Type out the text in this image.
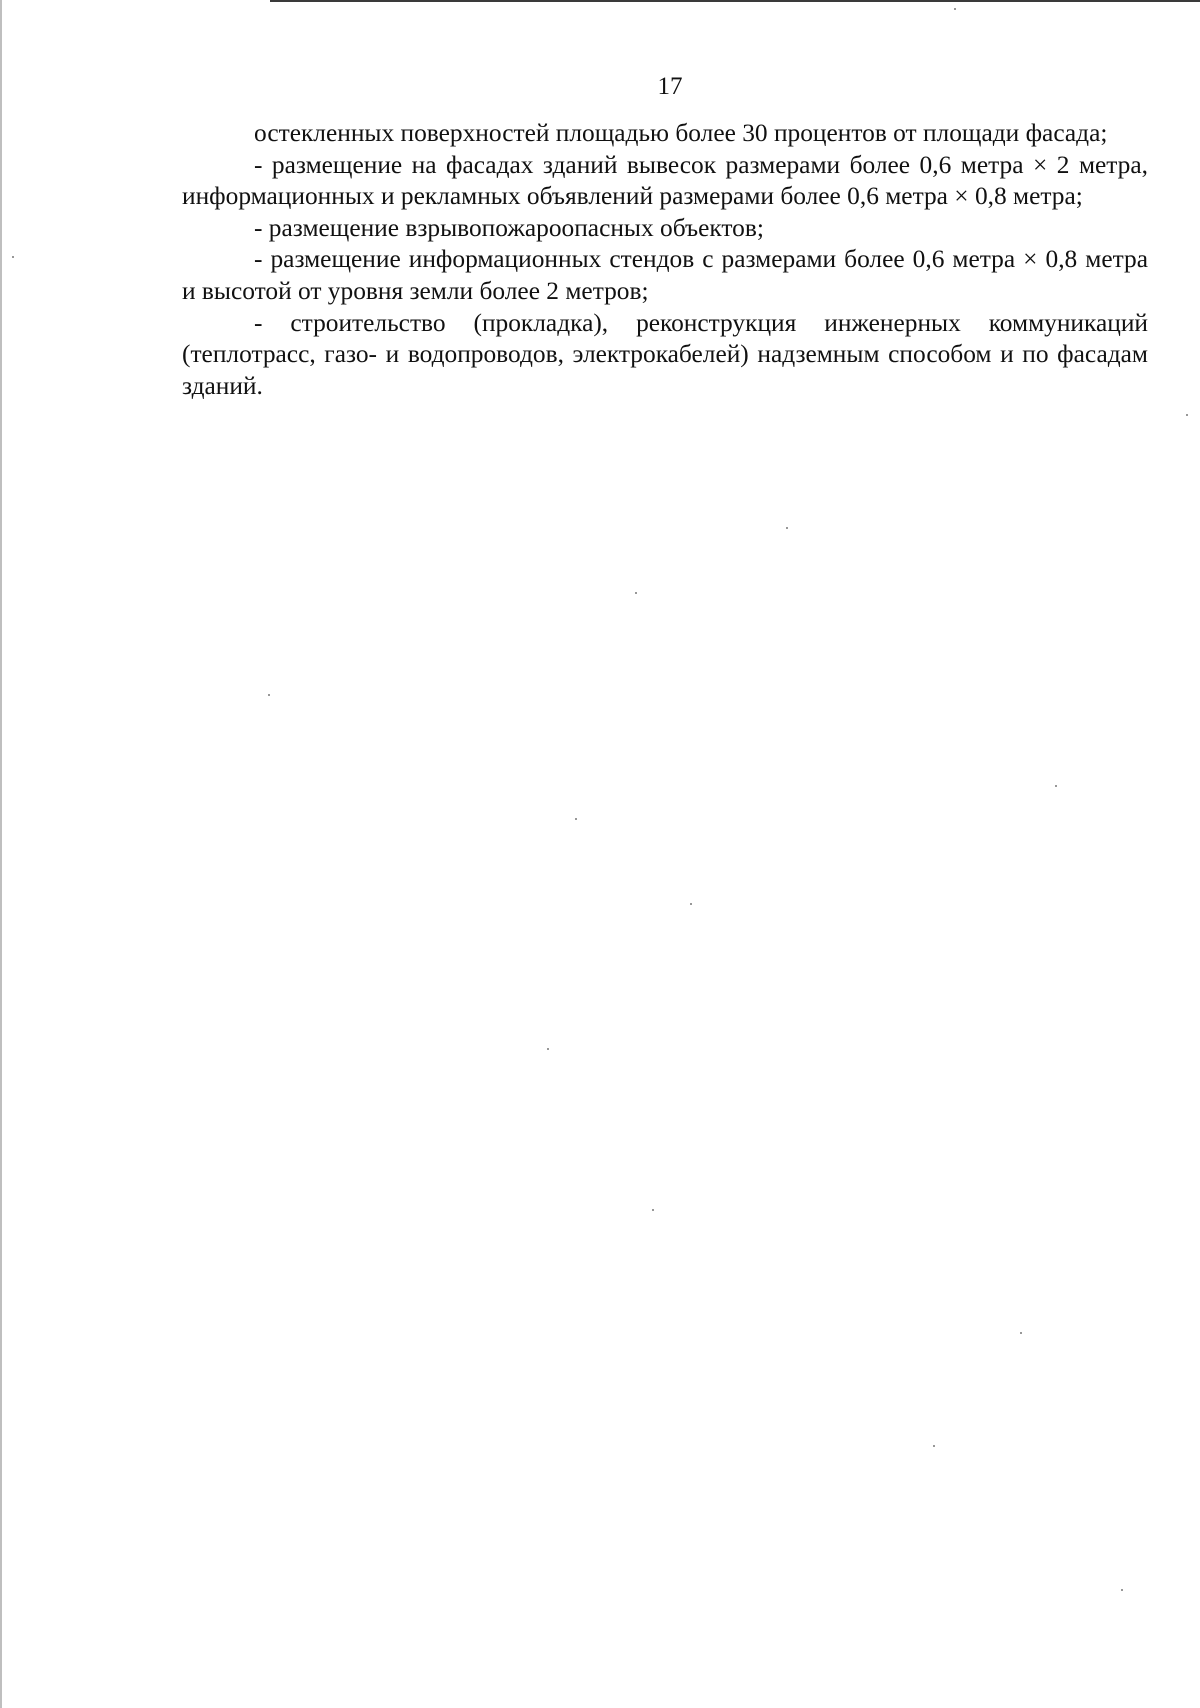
17

остекленных поверхностей площадью более 30 процентов от площади фасада;

- размещение на фасадах зданий вывесок размерами более 0,6 метра × 2 метра, информационных и рекламных объявлений размерами более 0,6 метра × 0,8 метра;

- размещение взрывопожароопасных объектов;

- размещение информационных стендов с размерами более 0,6 метра × 0,8 метра и высотой от уровня земли более 2 метров;

- строительство (прокладка), реконструкция инженерных коммуникаций (теплотрасс, газо- и водопроводов, электрокабелей) надземным способом и по фасадам зданий.
